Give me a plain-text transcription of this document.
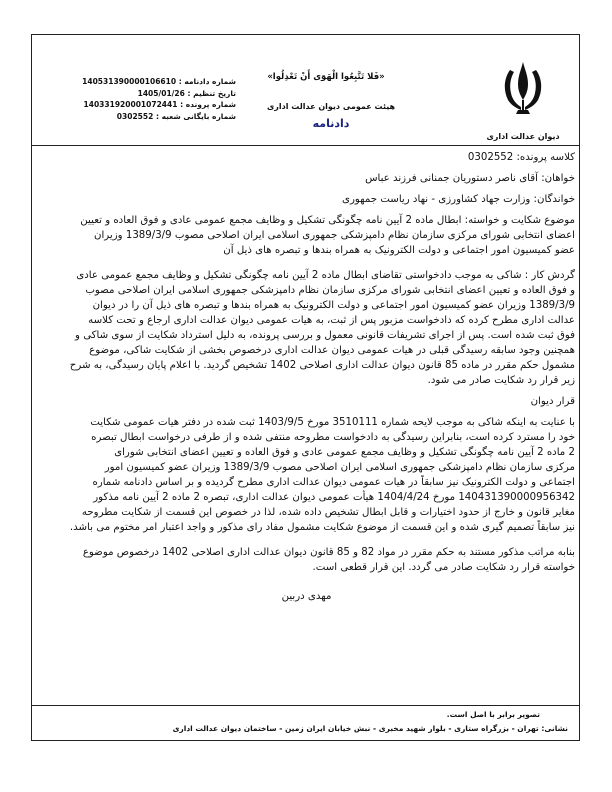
دیوان عدالت اداری
«فَلا تَتَّبِعُوا الْهَوَى أَنْ تَعْدِلُوا»
هیئت عمومی دیوان عدالت اداری
دادنامه
شماره دادنامه : 140531390000106610
تاریخ تنظیم : 1405/01/26
شماره پرونده : 140331920001072441
شماره بایگانی شعبه : 0302552
کلاسه پرونده: 0302552
خواهان: آقای ناصر دستوریان جمنانی فرزند عباس
خواندگان: وزارت جهاد کشاورزی - نهاد ریاست جمهوری
موضوع شکایت و خواسته: ابطال ماده 2 آیین نامه چگونگی تشکیل و وظایف مجمع عمومی عادی و فوق العاده و تعیین
اعضای انتخابی شورای مرکزی سازمان نظام دامپزشکی جمهوری اسلامی ایران اصلاحی مصوب 1389/3/9 وزیران
عضو کمیسیون امور اجتماعی و دولت الکترونیک به همراه بندها و تبصره های ذیل آن
گردش کار : شاکی به موجب دادخواستی تقاضای ابطال ماده 2 آیین نامه چگونگی تشکیل و وظایف مجمع عمومی عادی
و فوق العاده و تعیین اعضای انتخابی شورای مرکزی سازمان نظام دامپزشکی جمهوری اسلامی ایران اصلاحی مصوب
1389/3/9 وزیران عضو کمیسیون امور اجتماعی و دولت الکترونیک به همراه بندها و تبصره های ذیل آن را در دیوان
عدالت اداری مطرح کرده که دادخواست مزبور پس از ثبت، به هیات عمومی دیوان عدالت اداری ارجاع و تحت کلاسه
فوق ثبت شده است. پس از اجرای تشریفات قانونی معمول و بررسی پرونده، به دلیل استرداد شکایت از سوی شاکی و
همچنین وجود سابقه رسیدگی قبلی در هیات عمومی دیوان عدالت اداری درخصوص بخشی از شکایت شاکی، موضوع
مشمول حکم مقرر در ماده 85 قانون دیوان عدالت اداری اصلاحی 1402 تشخیص گردید. با اعلام پایان رسیدگی، به شرح
زیر قرار رد شکایت صادر می شود.
قرار دیوان
با عنایت به اینکه شاکی به موجب لایحه شماره 3510111 مورخ 1403/9/5 ثبت شده در دفتر هیات عمومی شکایت
خود را مسترد کرده است، بنابراین رسیدگی به دادخواست مطروحه منتفی شده و از طرفی درخواست ابطال تبصره
2 ماده 2 آیین نامه چگونگی تشکیل و وظایف مجمع عمومی عادی و فوق العاده و تعیین اعضای انتخابی شورای
مرکزی سازمان نظام دامپزشکی جمهوری اسلامی ایران اصلاحی مصوب 1389/3/9 وزیران عضو کمیسیون امور
اجتماعی و دولت الکترونیک نیز سابقاً در هیات عمومی دیوان عدالت اداری مطرح گردیده و بر اساس دادنامه شماره
140431390000956342 مورخ 1404/4/24 هیأت عمومی دیوان عدالت اداری، تبصره 2 ماده 2 آیین نامه مذکور
مغایر قانون و خارج از حدود اختیارات و قابل ابطال تشخیص داده شده، لذا در خصوص این قسمت از شکایت مطروحه
نیز سابقاً تصمیم گیری شده و این قسمت از موضوع شکایت مشمول مفاد رای مذکور و واجد اعتبار امر مختوم می باشد.
بنابه مراتب مذکور مستند به حکم مقرر در مواد 82 و 85 قانون دیوان عدالت اداری اصلاحی 1402 درخصوص موضوع
خواسته قرار رد شکایت صادر می گردد. این قرار قطعی است.
مهدی دربین
تصویر برابر با اصل است.
نشانی: تهران - بزرگراه ستاری - بلوار شهید مخبری - نبش خیابان ایران زمین - ساختمان دیوان عدالت اداری
